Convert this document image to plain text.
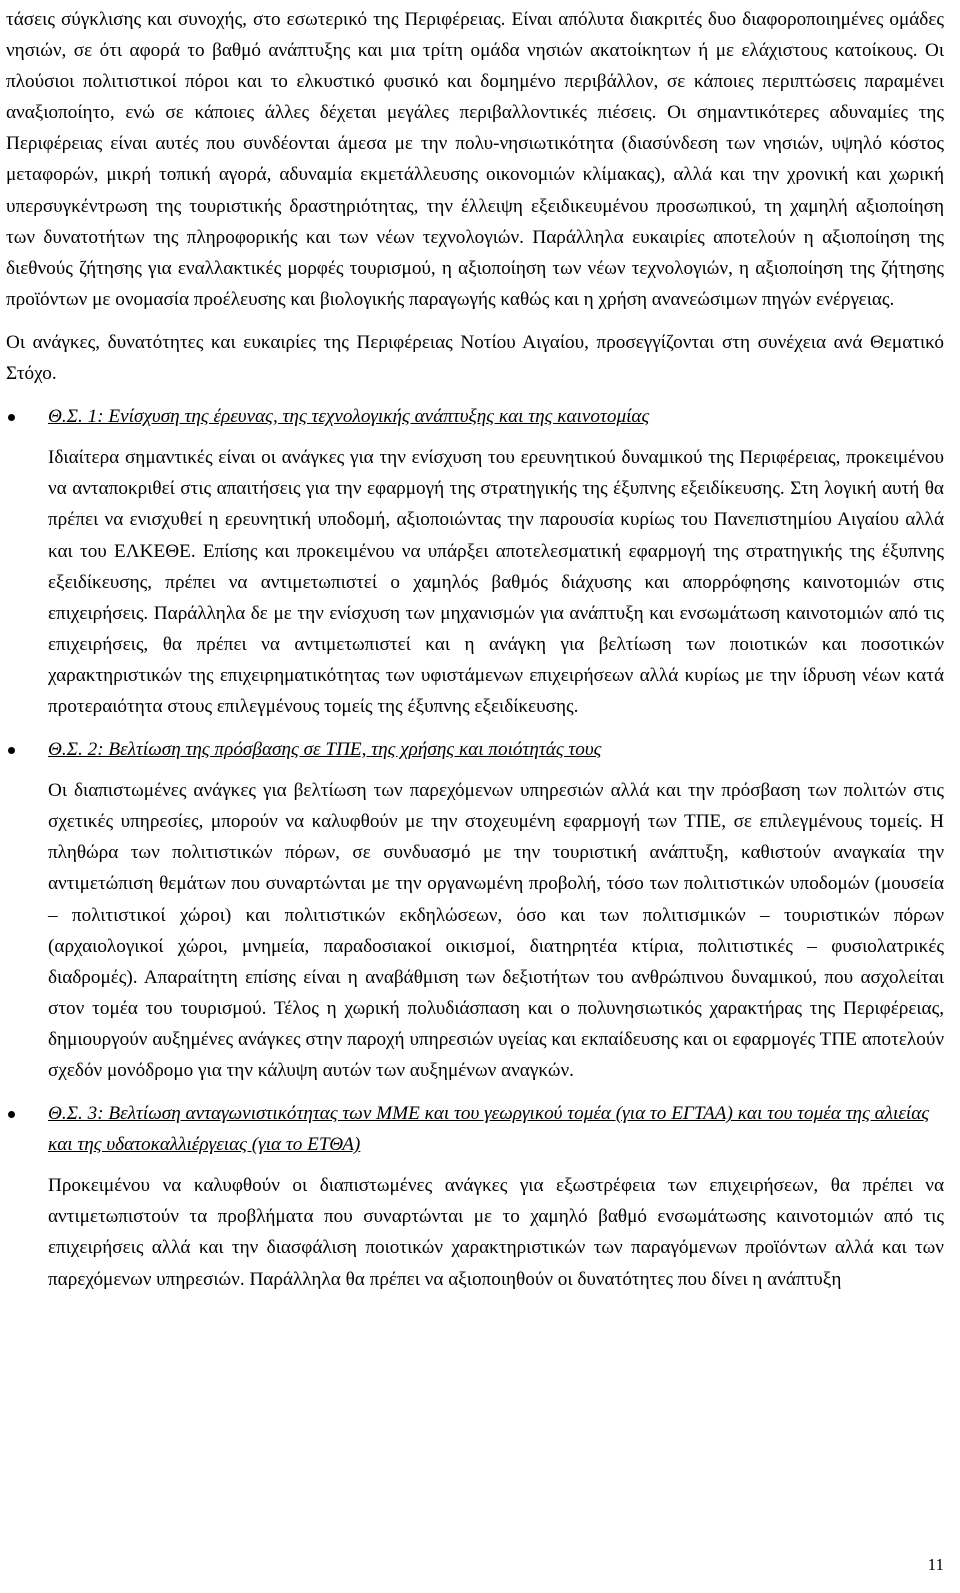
τάσεις σύγκλισης και συνοχής, στο εσωτερικό της Περιφέρειας. Είναι απόλυτα διακριτές δυο διαφοροποιημένες ομάδες νησιών, σε ότι αφορά το βαθμό ανάπτυξης και μια τρίτη ομάδα νησιών ακατοίκητων ή με ελάχιστους κατοίκους. Οι πλούσιοι πολιτιστικοί πόροι και το ελκυστικό φυσικό και δομημένο περιβάλλον, σε κάποιες περιπτώσεις παραμένει αναξιοποίητο, ενώ σε κάποιες άλλες δέχεται μεγάλες περιβαλλοντικές πιέσεις. Οι σημαντικότερες αδυναμίες της Περιφέρειας είναι αυτές που συνδέονται άμεσα με την πολυ-νησιωτικότητα (διασύνδεση των νησιών, υψηλό κόστος μεταφορών, μικρή τοπική αγορά, αδυναμία εκμετάλλευσης οικονομιών κλίμακας), αλλά και την χρονική και χωρική υπερσυγκέντρωση της τουριστικής δραστηριότητας, την έλλειψη εξειδικευμένου προσωπικού, τη χαμηλή αξιοποίηση των δυνατοτήτων της πληροφορικής και των νέων τεχνολογιών. Παράλληλα ευκαιρίες αποτελούν η αξιοποίηση της διεθνούς ζήτησης για εναλλακτικές μορφές τουρισμού, η αξιοποίηση των νέων τεχνολογιών, η αξιοποίηση της ζήτησης προϊόντων με ονομασία προέλευσης και βιολογικής παραγωγής καθώς και η χρήση ανανεώσιμων πηγών ενέργειας.

Οι ανάγκες, δυνατότητες και ευκαιρίες της Περιφέρειας Νοτίου Αιγαίου, προσεγγίζονται στη συνέχεια ανά Θεματικό Στόχο.

Θ.Σ. 1: Ενίσχυση της έρευνας, της τεχνολογικής ανάπτυξης και της καινοτομίας

Ιδιαίτερα σημαντικές είναι οι ανάγκες για την ενίσχυση του ερευνητικού δυναμικού της Περιφέρειας, προκειμένου να ανταποκριθεί στις απαιτήσεις για την εφαρμογή της στρατηγικής της έξυπνης εξειδίκευσης. Στη λογική αυτή θα πρέπει να ενισχυθεί η ερευνητική υποδομή, αξιοποιώντας την παρουσία κυρίως του Πανεπιστημίου Αιγαίου αλλά και του ΕΛΚΕΘΕ. Επίσης και προκειμένου να υπάρξει αποτελεσματική εφαρμογή της στρατηγικής της έξυπνης εξειδίκευσης, πρέπει να αντιμετωπιστεί ο χαμηλός βαθμός διάχυσης και απορρόφησης καινοτομιών στις επιχειρήσεις. Παράλληλα δε με την ενίσχυση των μηχανισμών για ανάπτυξη και ενσωμάτωση καινοτομιών από τις επιχειρήσεις, θα πρέπει να αντιμετωπιστεί και η ανάγκη για βελτίωση των ποιοτικών και ποσοτικών χαρακτηριστικών της επιχειρηματικότητας των υφιστάμενων επιχειρήσεων αλλά κυρίως με την ίδρυση νέων κατά προτεραιότητα στους επιλεγμένους τομείς της έξυπνης εξειδίκευσης.

Θ.Σ. 2: Βελτίωση της πρόσβασης σε ΤΠΕ, της χρήσης και ποιότητάς τους

Οι διαπιστωμένες ανάγκες για βελτίωση των παρεχόμενων υπηρεσιών αλλά και την πρόσβαση των πολιτών στις σχετικές υπηρεσίες, μπορούν να καλυφθούν με την στοχευμένη εφαρμογή των ΤΠΕ, σε επιλεγμένους τομείς. Η πληθώρα των πολιτιστικών πόρων, σε συνδυασμό με την τουριστική ανάπτυξη, καθιστούν αναγκαία την αντιμετώπιση θεμάτων που συναρτώνται με την οργανωμένη προβολή, τόσο των πολιτιστικών υποδομών (μουσεία – πολιτιστικοί χώροι) και πολιτιστικών εκδηλώσεων, όσο και των πολιτισμικών – τουριστικών πόρων (αρχαιολογικοί χώροι, μνημεία, παραδοσιακοί οικισμοί, διατηρητέα κτίρια, πολιτιστικές – φυσιολατρικές διαδρομές). Απαραίτητη επίσης είναι η αναβάθμιση των δεξιοτήτων του ανθρώπινου δυναμικού, που ασχολείται στον τομέα του τουρισμού. Τέλος η χωρική πολυδιάσπαση και ο πολυνησιωτικός χαρακτήρας της Περιφέρειας, δημιουργούν αυξημένες ανάγκες στην παροχή υπηρεσιών υγείας και εκπαίδευσης και οι εφαρμογές ΤΠΕ αποτελούν σχεδόν μονόδρομο για την κάλυψη αυτών των αυξημένων αναγκών.

Θ.Σ. 3: Βελτίωση ανταγωνιστικότητας των ΜΜΕ και του γεωργικού τομέα (για το ΕΓΤΑΑ) και του τομέα της αλιείας και της υδατοκαλλιέργειας (για το ΕΤΘΑ)

Προκειμένου να καλυφθούν οι διαπιστωμένες ανάγκες για εξωστρέφεια των επιχειρήσεων, θα πρέπει να αντιμετωπιστούν τα προβλήματα που συναρτώνται με το χαμηλό βαθμό ενσωμάτωσης καινοτομιών από τις επιχειρήσεις αλλά και την διασφάλιση ποιοτικών χαρακτηριστικών των παραγόμενων προϊόντων αλλά και των παρεχόμενων υπηρεσιών. Παράλληλα θα πρέπει να αξιοποιηθούν οι δυνατότητες που δίνει η ανάπτυξη

11
